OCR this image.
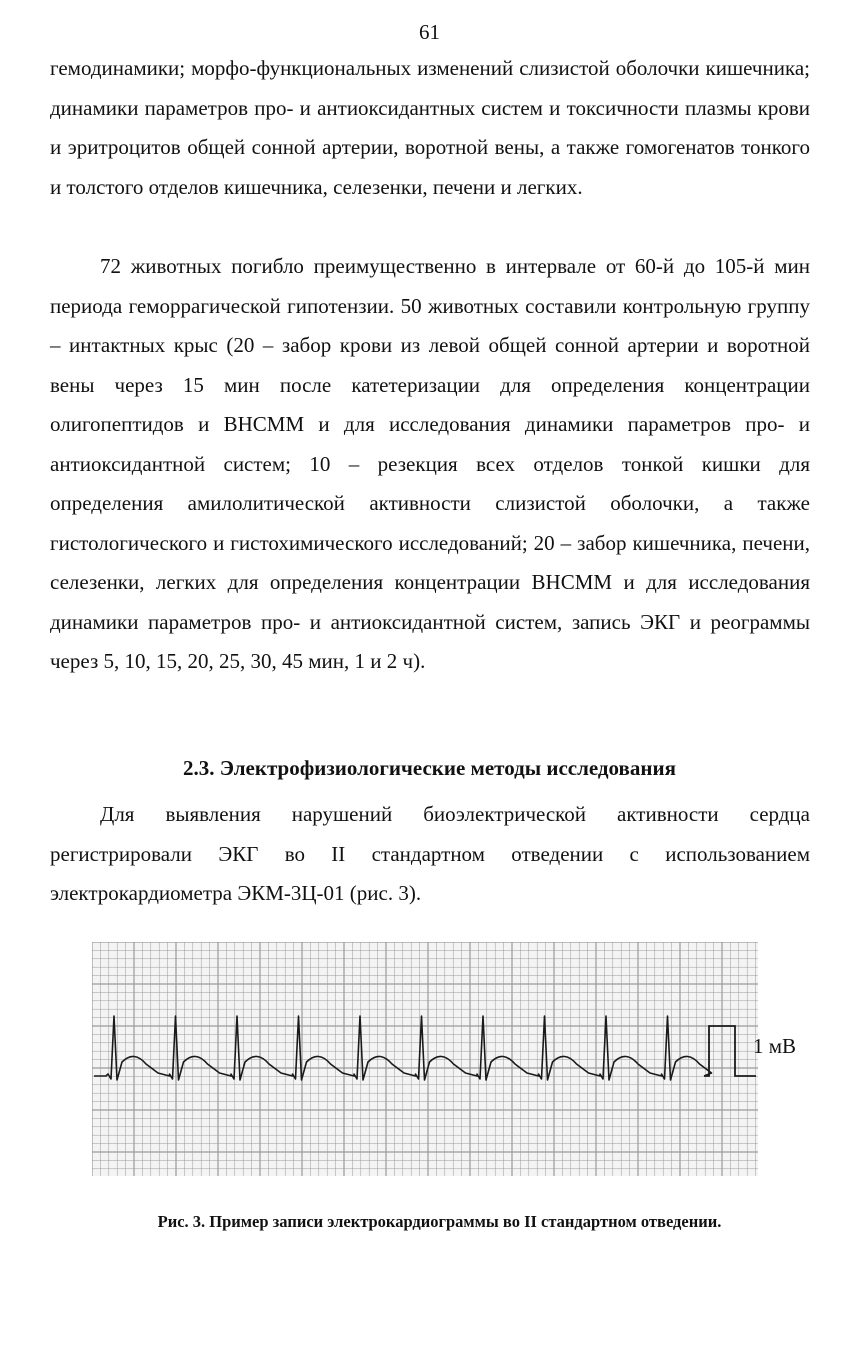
61

гемодинамики; морфо-функциональных изменений слизистой оболочки кишечника; динамики параметров про- и антиоксидантных систем и токсичности плазмы крови и эритроцитов общей сонной артерии, воротной вены, а также гомогенатов тонкого и толстого отделов кишечника, селезенки, печени и легких.

72 животных погибло преимущественно в интервале от 60-й до 105-й мин периода геморрагической гипотензии. 50 животных составили контрольную группу – интактных крыс (20 – забор крови из левой общей сонной артерии и воротной вены через 15 мин после катетеризации для определения концентрации олигопептидов и ВНСММ и для исследования динамики параметров про- и антиоксидантной систем; 10 – резекция всех отделов тонкой кишки для определения амилолитической активности слизистой оболочки, а также гистологического и гистохимического исследований; 20 – забор кишечника, печени, селезенки, легких для определения концентрации ВНСММ и для исследования динамики параметров про- и антиоксидантной систем, запись ЭКГ и реограммы через 5, 10, 15, 20, 25, 30, 45 мин, 1 и 2 ч).

2.3. Электрофизиологические методы исследования

Для выявления нарушений биоэлектрической активности сердца регистрировали ЭКГ во II стандартном отведении с использованием электрокардиометра ЭКМ-3Ц-01 (рис. 3).

1 мВ
Рис. 3. Пример записи электрокардиограммы во II стандартном отведении.
